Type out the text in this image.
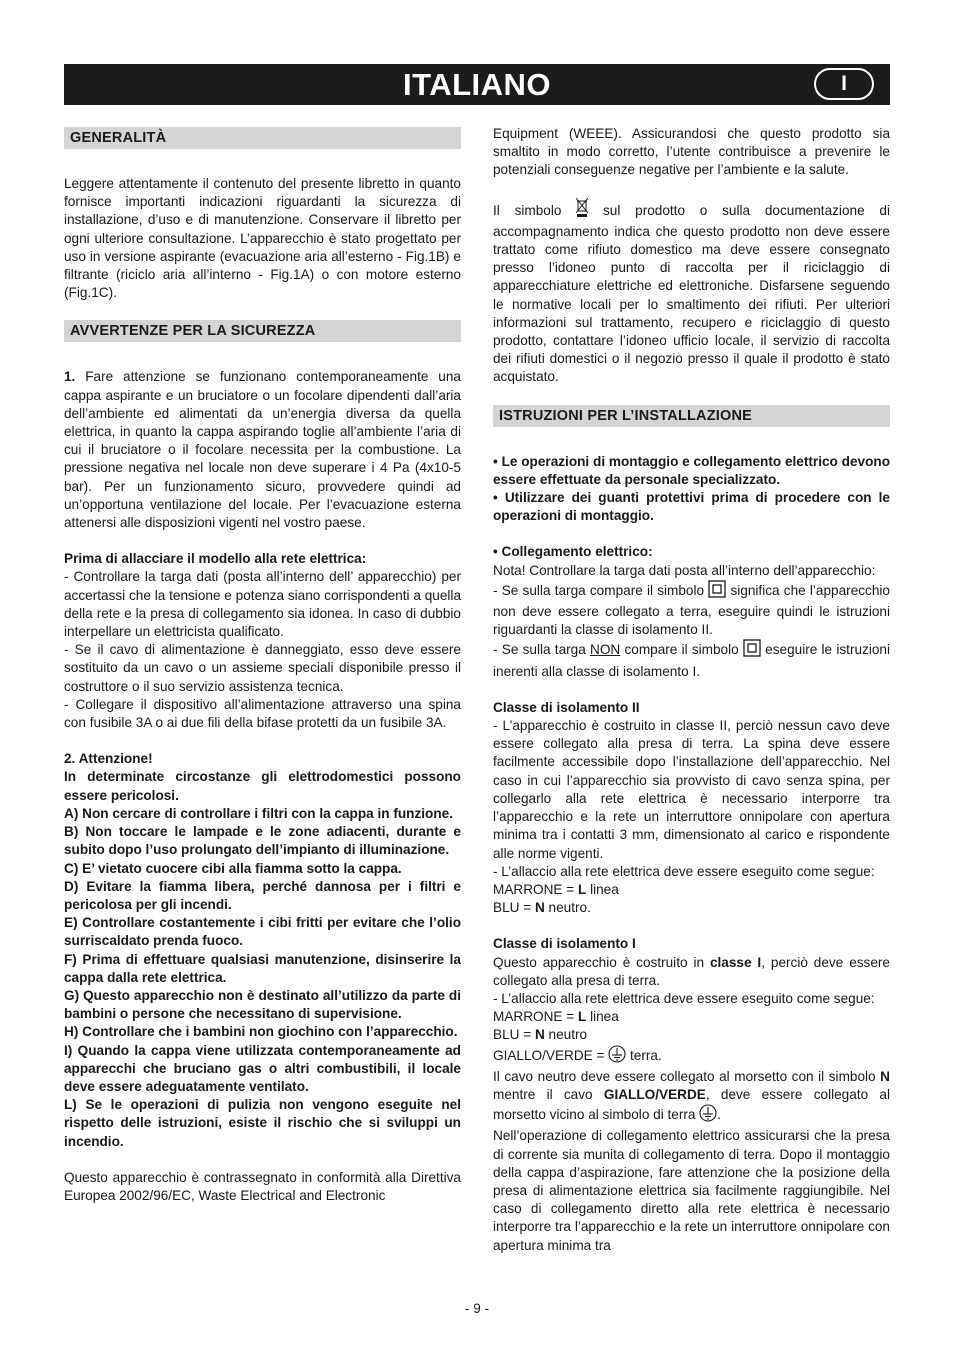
ITALIANO	I
GENERALITÀ

Leggere attentamente il contenuto del presente libretto in quanto fornisce importanti indicazioni riguardanti la sicurezza di installazione, d’uso e di manutenzione. Conservare il libretto per ogni ulteriore consultazione. L’apparecchio è stato progettato per uso in versione aspirante (evacuazione aria all’esterno - Fig.1B) e filtrante (riciclo aria all’interno - Fig.1A) o con motore esterno (Fig.1C).

AVVERTENZE PER LA SICUREZZA

1. Fare attenzione se funzionano contemporaneamente una cappa aspirante e un bruciatore o un focolare dipendenti dall’aria dell’ambiente ed alimentati da un’energia diversa da quella elettrica, in quanto la cappa aspirando toglie all’ambiente l’aria di cui il bruciatore o il focolare necessita per la combustione. La pressione negativa nel locale non deve superare i 4 Pa (4x10-5 bar). Per un funzionamento sicuro, provvedere quindi ad un’opportuna ventilazione del locale. Per l’evacuazione esterna attenersi alle disposizioni vigenti nel vostro paese.

Prima di allacciare il modello alla rete elettrica:

- Controllare la targa dati (posta all’interno dell’ apparecchio) per accertassi che la tensione e potenza siano corrispondenti a quella della rete e la presa di collegamento sia idonea. In caso di dubbio interpellare un elettricista qualificato.

- Se il cavo di alimentazione è danneggiato, esso deve essere sostituito da un cavo o un assieme speciali disponibile presso il costruttore o il suo servizio assistenza tecnica.

- Collegare il dispositivo all’alimentazione attraverso una spina con fusibile 3A o ai due fili della bifase protetti da un fusibile 3A.

2. Attenzione!

In determinate circostanze gli elettrodomestici possono essere pericolosi.

A) Non cercare di controllare i filtri con la cappa in funzione.

B) Non toccare le lampade e le zone adiacenti, durante e subito dopo l’uso prolungato dell’impianto di illuminazione.

C) E’ vietato cuocere cibi alla fiamma sotto la cappa.

D) Evitare la fiamma libera, perché dannosa per i filtri e pericolosa per gli incendi.

E) Controllare costantemente i cibi fritti per evitare che l’olio surriscaldato prenda fuoco.

F) Prima di effettuare qualsiasi manutenzione, disinserire la cappa dalla rete elettrica.

G) Questo apparecchio non è destinato all’utilizzo da parte di bambini o persone che necessitano di supervisione.

H) Controllare che i bambini non giochino con l’apparecchio.

I) Quando la cappa viene utilizzata contemporaneamente ad apparecchi che bruciano gas o altri combustibili, il locale deve essere adeguatamente ventilato.

L) Se le operazioni di pulizia non vengono eseguite nel rispetto delle istruzioni, esiste il rischio che si sviluppi un incendio.

Questo apparecchio è contrassegnato in conformità alla Direttiva Europea 2002/96/EC, Waste Electrical and Electronic

Equipment (WEEE). Assicurandosi che questo prodotto sia smaltito in modo corretto, l’utente contribuisce a prevenire le potenziali conseguenze negative per l’ambiente e la salute.

Il simbolo  sul prodotto o sulla documentazione di accompagnamento indica che questo prodotto non deve essere trattato come rifiuto domestico ma deve essere consegnato presso l’idoneo punto di raccolta per il riciclaggio di apparecchiature elettriche ed elettroniche. Disfarsene seguendo le normative locali per lo smaltimento dei rifiuti. Per ulteriori informazioni sul trattamento, recupero e riciclaggio di questo prodotto, contattare l’idoneo ufficio locale, il servizio di raccolta dei rifiuti domestici o il negozio presso il quale il prodotto è stato acquistato.

ISTRUZIONI PER L’INSTALLAZIONE

• Le operazioni di montaggio e collegamento elettrico devono essere effettuate da personale specializzato.

• Utilizzare dei guanti protettivi prima di procedere con le operazioni di montaggio.

• Collegamento elettrico:

Nota! Controllare la targa dati posta all’interno dell’apparecchio:

- Se sulla targa compare il simbolo  significa che l’apparecchio non deve essere collegato a terra, eseguire quindi le istruzioni riguardanti la classe di isolamento II.

- Se sulla targa NON compare il simbolo  eseguire le istruzioni inerenti alla classe di isolamento I.

Classe di isolamento II

- L’apparecchio è costruito in classe II, perciò nessun cavo deve essere collegato alla presa di terra. La spina deve essere facilmente accessibile dopo l’installazione dell’apparecchio. Nel caso in cui l’apparecchio sia provvisto di cavo senza spina, per collegarlo alla rete elettrica è necessario interporre tra l’apparecchio e la rete un interruttore onnipolare con apertura minima tra i contatti 3 mm, dimensionato al carico e rispondente alle norme vigenti.

- L’allaccio alla rete elettrica deve essere eseguito come segue:

MARRONE = L linea

BLU = N neutro.

Classe di isolamento I

Questo apparecchio è costruito in classe I, perciò deve essere collegato alla presa di terra.

- L’allaccio alla rete elettrica deve essere eseguito come segue:

MARRONE = L linea

BLU = N neutro

GIALLO/VERDE =  terra.

Il cavo neutro deve essere collegato al morsetto con il simbolo N mentre il cavo GIALLO/VERDE, deve essere collegato al morsetto vicino al simbolo di terra .

Nell’operazione di collegamento elettrico assicurarsi che la presa di corrente sia munita di collegamento di terra. Dopo il montaggio della cappa d’aspirazione, fare attenzione che la posizione della presa di alimentazione elettrica sia facilmente raggiungibile. Nel caso di collegamento diretto alla rete elettrica è necessario interporre tra l’apparecchio e la rete un interruttore onnipolare con apertura minima tra

- 9 -
